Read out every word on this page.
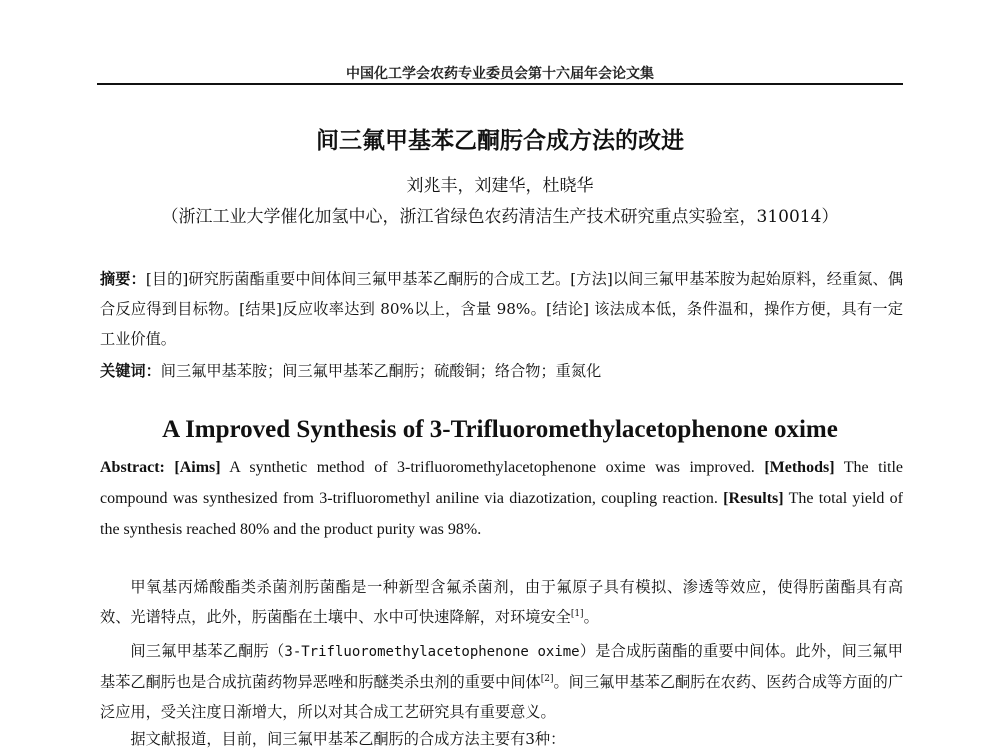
中国化工学会农药专业委员会第十六届年会论文集
间三氟甲基苯乙酮肟合成方法的改进
刘兆丰，刘建华，杜晓华
（浙江工业大学催化加氢中心，浙江省绿色农药清洁生产技术研究重点实验室，310014）

摘要：[目的]研究肟菌酯重要中间体间三氟甲基苯乙酮肟的合成工艺。[方法]以间三氟甲基苯胺为起始原料，经重氮、偶合反应得到目标物。[结果]反应收率达到 80%以上，含量 98%。[结论] 该法成本低，条件温和，操作方便，具有一定工业价值。

关键词：间三氟甲基苯胺；间三氟甲基苯乙酮肟；硫酸铜；络合物；重氮化
A Improved Synthesis of 3-Trifluoromethylacetophenone oxime

Abstract: [Aims] A synthetic method of 3-trifluoromethylacetophenone oxime was improved. [Methods] The title compound was synthesized from 3-trifluoromethyl aniline via diazotization, coupling reaction. [Results] The total yield of the synthesis reached 80% and the product purity was 98%.

甲氧基丙烯酸酯类杀菌剂肟菌酯是一种新型含氟杀菌剂，由于氟原子具有模拟、渗透等效应，使得肟菌酯具有高效、光谱特点，此外，肟菌酯在土壤中、水中可快速降解，对环境安全[1]。

间三氟甲基苯乙酮肟（3-Trifluoromethylacetophenone oxime）是合成肟菌酯的重要中间体。此外，间三氟甲基苯乙酮肟也是合成抗菌药物异恶唑和肟醚类杀虫剂的重要中间体[2]。间三氟甲基苯乙酮肟在农药、医药合成等方面的广泛应用，受关注度日渐增大，所以对其合成工艺研究具有重要意义。

据文献报道，目前，间三氟甲基苯乙酮肟的合成方法主要有3种：
